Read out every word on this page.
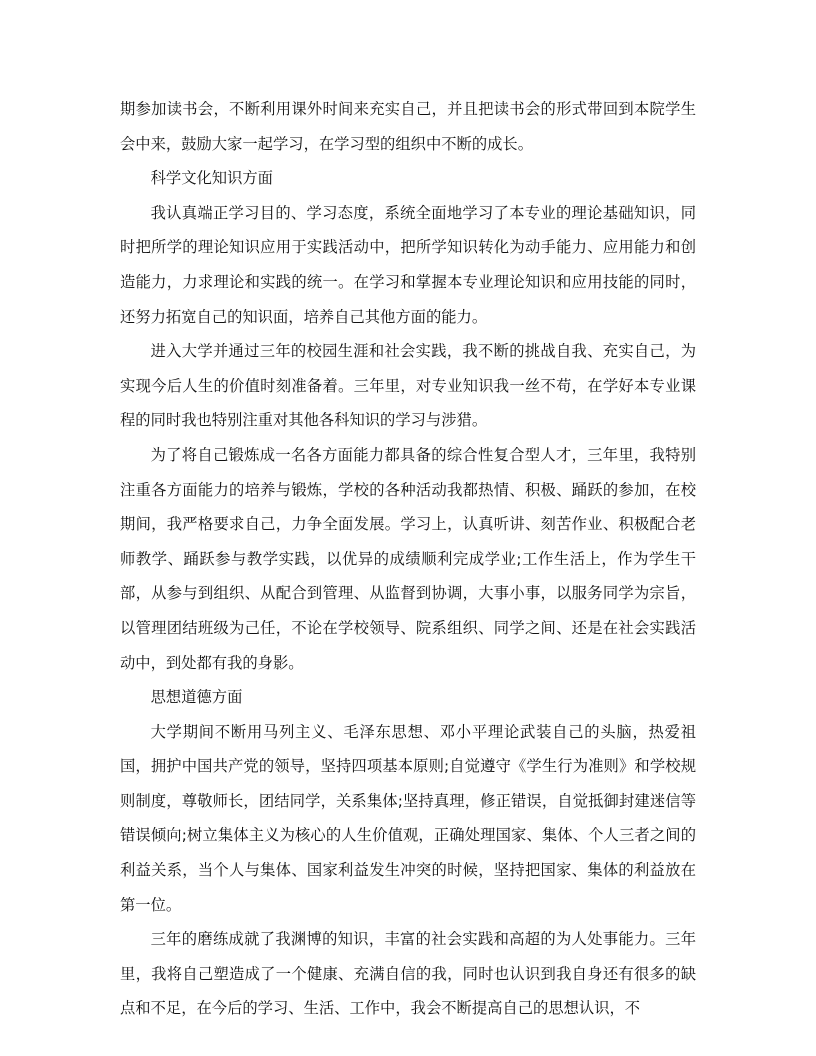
期参加读书会，不断利用课外时间来充实自己，并且把读书会的形式带回到本院学生会中来，鼓励大家一起学习，在学习型的组织中不断的成长。

科学文化知识方面

我认真端正学习目的、学习态度，系统全面地学习了本专业的理论基础知识，同时把所学的理论知识应用于实践活动中，把所学知识转化为动手能力、应用能力和创造能力，力求理论和实践的统一。在学习和掌握本专业理论知识和应用技能的同时，还努力拓宽自己的知识面，培养自己其他方面的能力。

进入大学并通过三年的校园生涯和社会实践，我不断的挑战自我、充实自己，为实现今后人生的价值时刻准备着。三年里，对专业知识我一丝不苟，在学好本专业课程的同时我也特别注重对其他各科知识的学习与涉猎。

为了将自己锻炼成一名各方面能力都具备的综合性复合型人才，三年里，我特别注重各方面能力的培养与锻炼，学校的各种活动我都热情、积极、踊跃的参加，在校期间，我严格要求自己，力争全面发展。学习上，认真听讲、刻苦作业、积极配合老师教学、踊跃参与教学实践，以优异的成绩顺利完成学业;工作生活上，作为学生干部，从参与到组织、从配合到管理、从监督到协调，大事小事，以服务同学为宗旨，以管理团结班级为己任，不论在学校领导、院系组织、同学之间、还是在社会实践活动中，到处都有我的身影。

思想道德方面

大学期间不断用马列主义、毛泽东思想、邓小平理论武装自己的头脑，热爱祖国，拥护中国共产党的领导，坚持四项基本原则;自觉遵守《学生行为准则》和学校规则制度，尊敬师长，团结同学，关系集体;坚持真理，修正错误，自觉抵御封建迷信等错误倾向;树立集体主义为核心的人生价值观，正确处理国家、集体、个人三者之间的利益关系，当个人与集体、国家利益发生冲突的时候，坚持把国家、集体的利益放在第一位。

三年的磨练成就了我渊博的知识，丰富的社会实践和高超的为人处事能力。三年里，我将自己塑造成了一个健康、充满自信的我，同时也认识到我自身还有很多的缺点和不足，在今后的学习、生活、工作中，我会不断提高自己的思想认识，不
